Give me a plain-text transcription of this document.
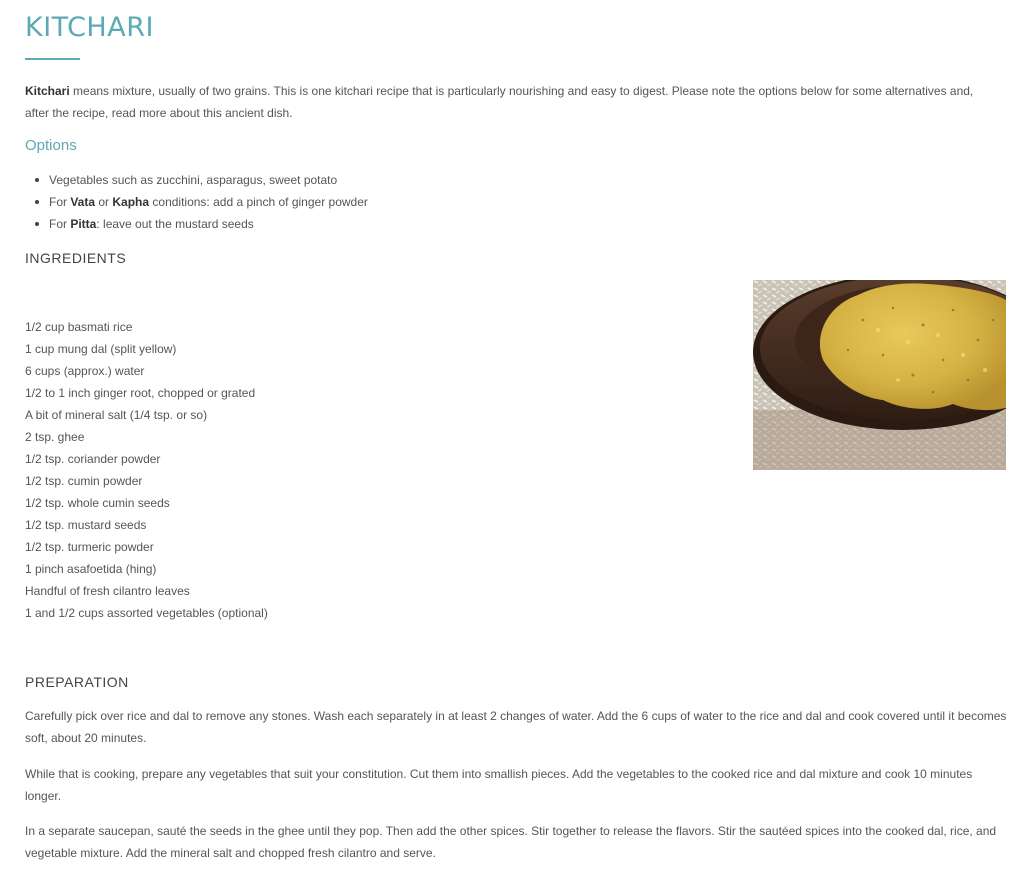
KITCHARI

Kitchari means mixture, usually of two grains. This is one kitchari recipe that is particularly nourishing and easy to digest. Please note the options below for some alternatives and, after the recipe, read more about this ancient dish.

Options
Vegetables such as zucchini, asparagus, sweet potato
For Vata or Kapha conditions: add a pinch of ginger powder
For Pitta: leave out the mustard seeds
INGREDIENTS
1/2 cup basmati rice
1 cup mung dal (split yellow)
6 cups (approx.) water
1/2 to 1 inch ginger root, chopped or grated
A bit of mineral salt (1/4 tsp. or so)
2 tsp. ghee
1/2 tsp. coriander powder
1/2 tsp. cumin powder
1/2 tsp. whole cumin seeds
1/2 tsp. mustard seeds
1/2 tsp. turmeric powder
1 pinch asafoetida (hing)
Handful of fresh cilantro leaves
1 and 1/2 cups assorted vegetables (optional)
PREPARATION

Carefully pick over rice and dal to remove any stones. Wash each separately in at least 2 changes of water. Add the 6 cups of water to the rice and dal and cook covered until it becomes soft, about 20 minutes.

While that is cooking, prepare any vegetables that suit your constitution. Cut them into smallish pieces. Add the vegetables to the cooked rice and dal mixture and cook 10 minutes longer.

In a separate saucepan, sauté the seeds in the ghee until they pop. Then add the other spices. Stir together to release the flavors. Stir the sautéed spices into the cooked dal, rice, and vegetable mixture. Add the mineral salt and chopped fresh cilantro and serve.
